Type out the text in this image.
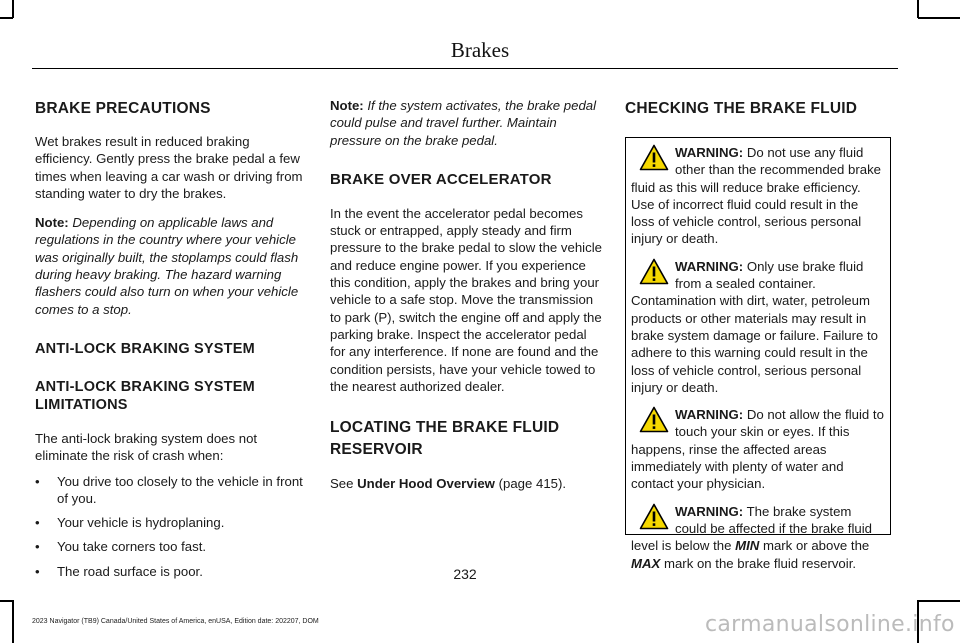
Brakes
BRAKE PRECAUTIONS

Wet brakes result in reduced braking efficiency. Gently press the brake pedal a few times when leaving a car wash or driving from standing water to dry the brakes.

Note: Depending on applicable laws and regulations in the country where your vehicle was originally built, the stoplamps could flash during heavy braking. The hazard warning flashers could also turn on when your vehicle comes to a stop.

ANTI-LOCK BRAKING SYSTEM
ANTI-LOCK BRAKING SYSTEM LIMITATIONS

The anti-lock braking system does not eliminate the risk of crash when:

• You drive too closely to the vehicle in front of you.
• Your vehicle is hydroplaning.
• You take corners too fast.
• The road surface is poor.

Note: If the system activates, the brake pedal could pulse and travel further. Maintain pressure on the brake pedal.

BRAKE OVER ACCELERATOR

In the event the accelerator pedal becomes stuck or entrapped, apply steady and firm pressure to the brake pedal to slow the vehicle and reduce engine power. If you experience this condition, apply the brakes and bring your vehicle to a safe stop. Move the transmission to park (P), switch the engine off and apply the parking brake. Inspect the accelerator pedal for any interference. If none are found and the condition persists, have your vehicle towed to the nearest authorized dealer.

LOCATING THE BRAKE FLUID
RESERVOIR

See Under Hood Overview (page 415).

CHECKING THE BRAKE FLUID

WARNING: Do not use any fluid other than the recommended brake fluid as this will reduce brake efficiency. Use of incorrect fluid could result in the loss of vehicle control, serious personal injury or death.

WARNING: Only use brake fluid from a sealed container. Contamination with dirt, water, petroleum products or other materials may result in brake system damage or failure. Failure to adhere to this warning could result in the loss of vehicle control, serious personal injury or death.

WARNING: Do not allow the fluid to touch your skin or eyes. If this happens, rinse the affected areas immediately with plenty of water and contact your physician.

WARNING: The brake system could be affected if the brake fluid level is below the MIN mark or above the MAX mark on the brake fluid reservoir.

232
2023 Navigator (TB9) Canada/United States of America, enUSA, Edition date: 202207, DOM	carmanualsonline.info
